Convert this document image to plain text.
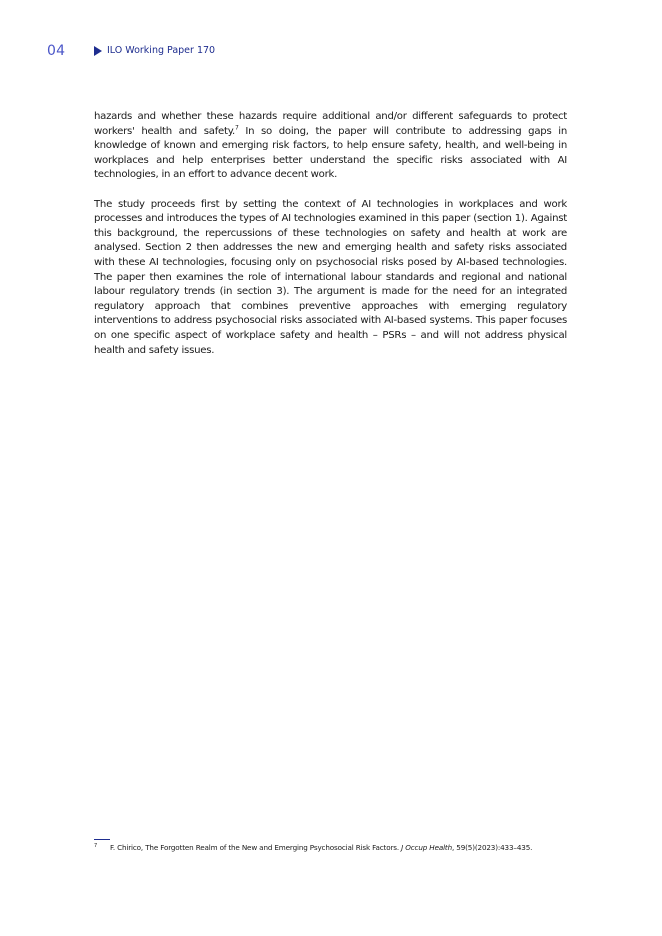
04	ILO Working Paper 170

hazards and whether these hazards require additional and/or different safeguards to protect workers' health and safety.$^7$ In so doing, the paper will contribute to addressing gaps in knowledge of known and emerging risk factors, to help ensure safety, health, and well-being in workplaces and help enterprises better understand the specific risks associated with AI technologies, in an effort to advance decent work.

The study proceeds first by setting the context of AI technologies in workplaces and work processes and introduces the types of AI technologies examined in this paper (section 1). Against this background, the repercussions of these technologies on safety and health at work are analysed. Section 2 then addresses the new and emerging health and safety risks associated with these AI technologies, focusing only on psychosocial risks posed by AI-based technologies. The paper then examines the role of international labour standards and regional and national labour regulatory trends (in section 3). The argument is made for the need for an integrated regulatory approach that combines preventive approaches with emerging regulatory interventions to address psychosocial risks associated with AI-based systems. This paper focuses on one specific aspect of workplace safety and health – PSRs – and will not address physical health and safety issues.

7	F. Chirico, The Forgotten Realm of the New and Emerging Psychosocial Risk Factors. J Occup Health, 59(5)(2023):433–435.
